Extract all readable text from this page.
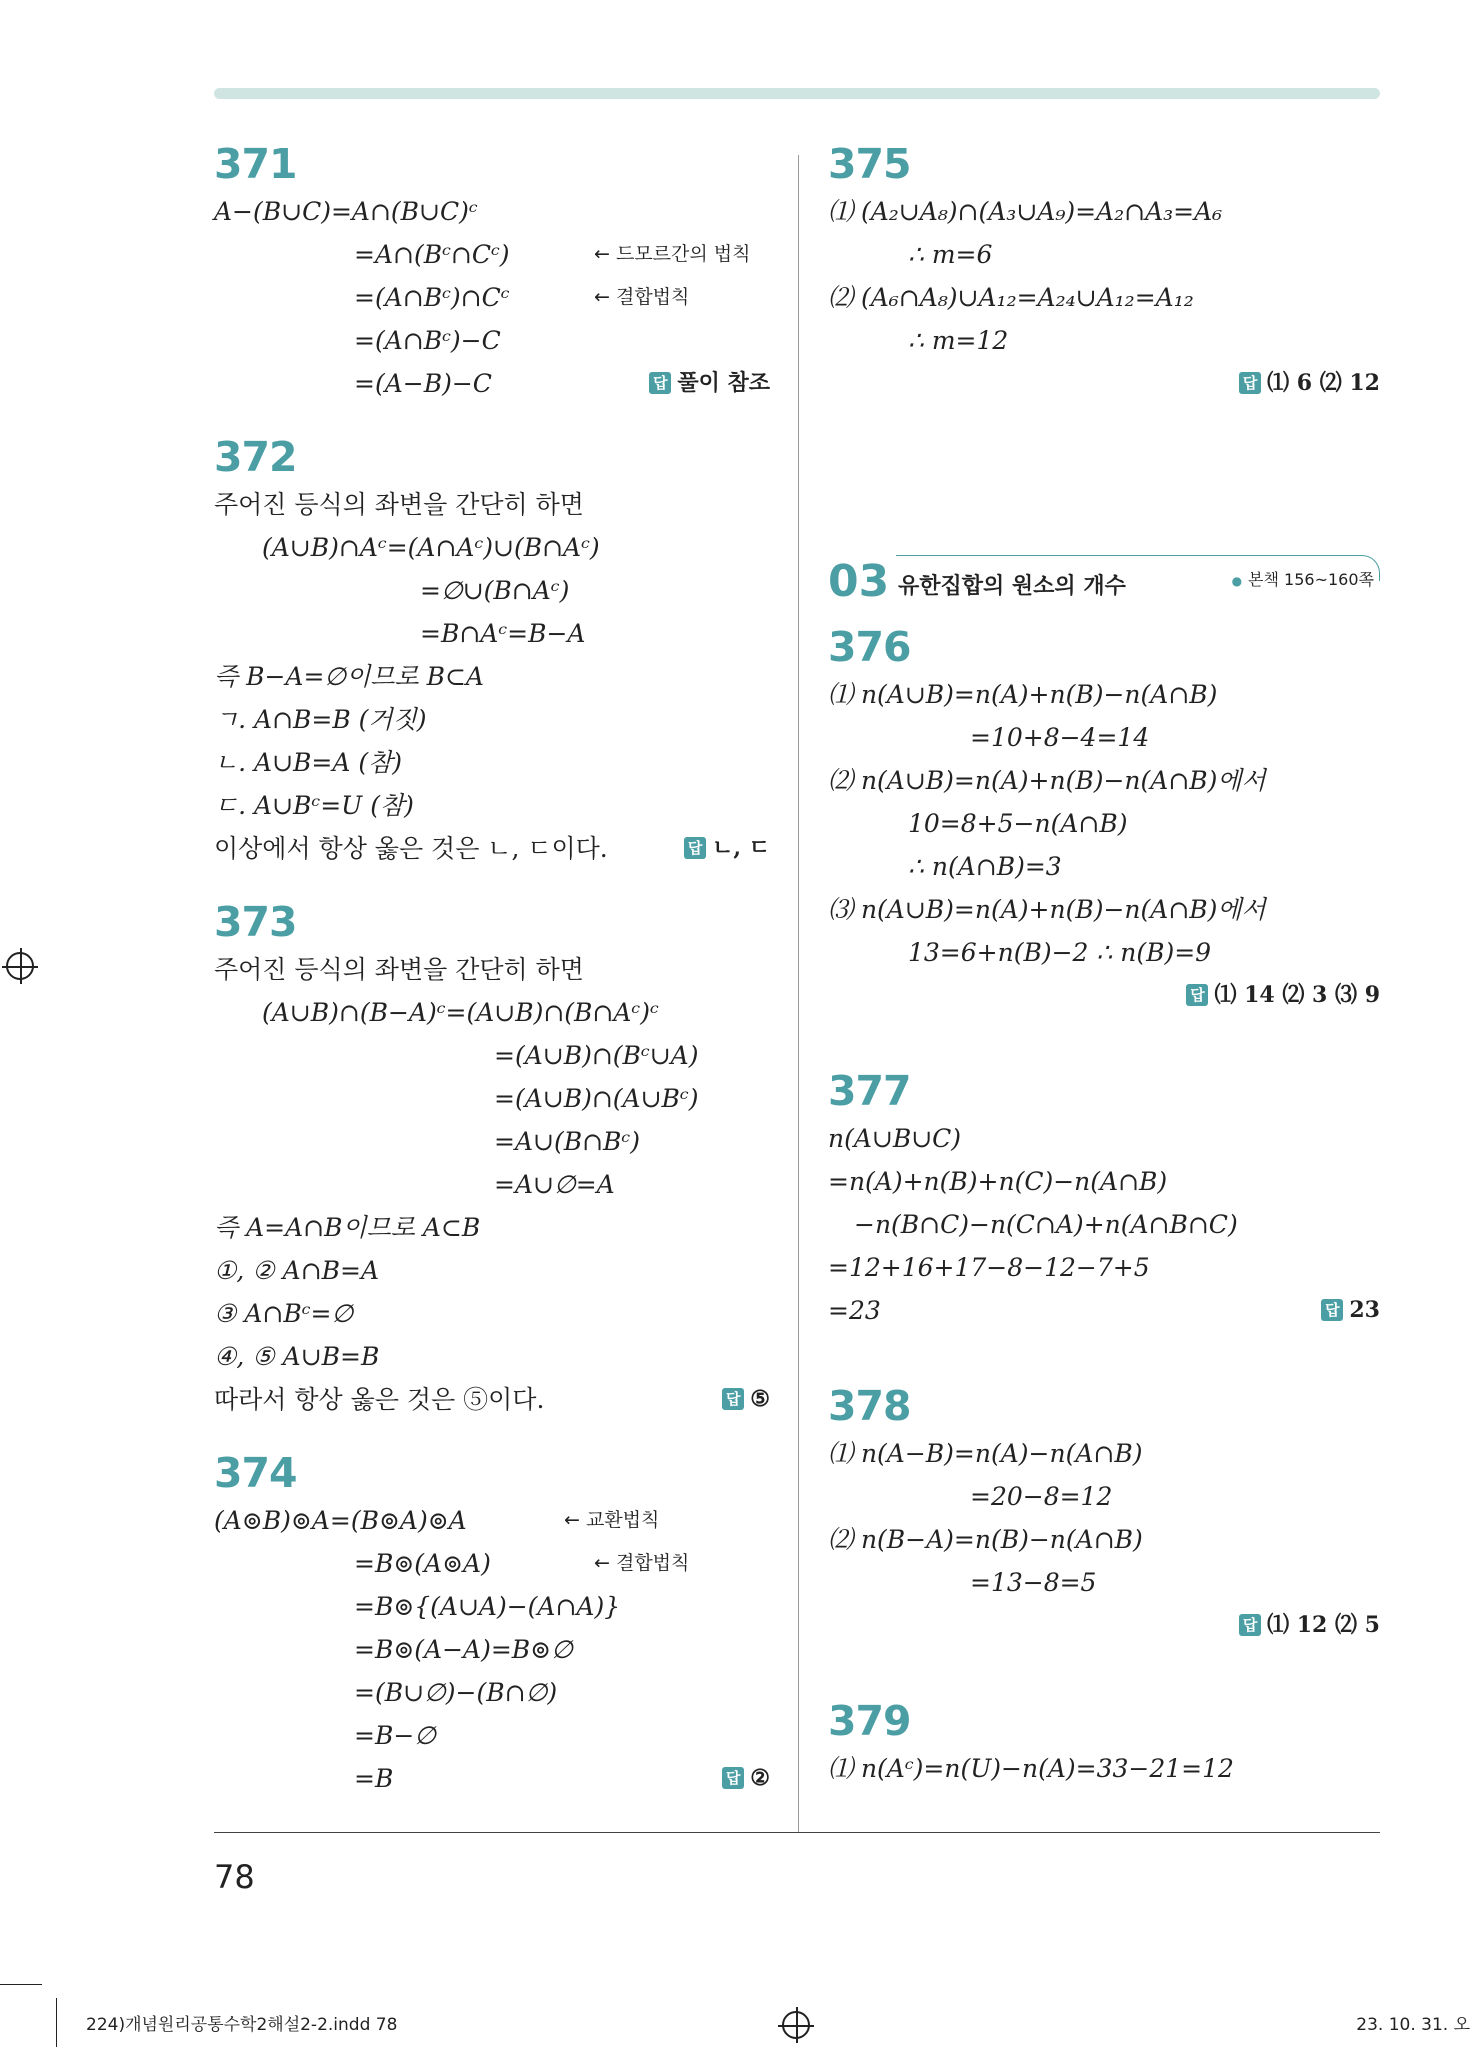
371
A−(B∪C)=A∩(B∪C)ᶜ
=A∩(Bᶜ∩Cᶜ)	← 드모르간의 법칙
=(A∩Bᶜ)∩Cᶜ	← 결합법칙
=(A∩Bᶜ)−C
=(A−B)−C	답 풀이 참조
372
주어진 등식의 좌변을 간단히 하면
(A∪B)∩Aᶜ=(A∩Aᶜ)∪(B∩Aᶜ)
=∅∪(B∩Aᶜ)
=B∩Aᶜ=B−A
즉 B−A=∅이므로 B⊂A
ㄱ. A∩B=B (거짓)
ㄴ. A∪B=A (참)
ㄷ. A∪Bᶜ=U (참)
이상에서 항상 옳은 것은 ㄴ, ㄷ이다.	답 ㄴ, ㄷ
373
주어진 등식의 좌변을 간단히 하면
(A∪B)∩(B−A)ᶜ=(A∪B)∩(B∩Aᶜ)ᶜ
=(A∪B)∩(Bᶜ∪A)
=(A∪B)∩(A∪Bᶜ)
=A∪(B∩Bᶜ)
=A∪∅=A
즉 A=A∩B이므로 A⊂B
①, ② A∩B=A
③ A∩Bᶜ=∅
④, ⑤ A∪B=B
따라서 항상 옳은 것은 ⑤이다.	답 ⑤
374
(A⊚B)⊚A=(B⊚A)⊚A	← 교환법칙
=B⊚(A⊚A)	← 결합법칙
=B⊚{(A∪A)−(A∩A)}
=B⊚(A−A)=B⊚∅
=(B∪∅)−(B∩∅)
=B−∅
=B	답 ②
375
⑴ (A₂∪A₈)∩(A₃∪A₉)=A₂∩A₃=A₆
∴ m=6
⑵ (A₆∩A₈)∪A₁₂=A₂₄∪A₁₂=A₁₂
∴ m=12
답 ⑴ 6 ⑵ 12
03 유한집합의 원소의 개수
●	본책 156~160쪽
376
⑴ n(A∪B)=n(A)+n(B)−n(A∩B)
=10+8−4=14
⑵ n(A∪B)=n(A)+n(B)−n(A∩B)에서
10=8+5−n(A∩B)
∴ n(A∩B)=3
⑶ n(A∪B)=n(A)+n(B)−n(A∩B)에서
13=6+n(B)−2 ∴ n(B)=9
답 ⑴ 14 ⑵ 3 ⑶ 9
377
n(A∪B∪C)
=n(A)+n(B)+n(C)−n(A∩B)
−n(B∩C)−n(C∩A)+n(A∩B∩C)
=12+16+17−8−12−7+5
=23	답 23
378
⑴ n(A−B)=n(A)−n(A∩B)
=20−8=12
⑵ n(B−A)=n(B)−n(A∩B)
=13−8=5
답 ⑴ 12 ⑵ 5
379
⑴ n(Aᶜ)=n(U)−n(A)=33−21=12
78
224)개념원리공통수학2해설2-2.indd 78	23. 10. 31. 오
